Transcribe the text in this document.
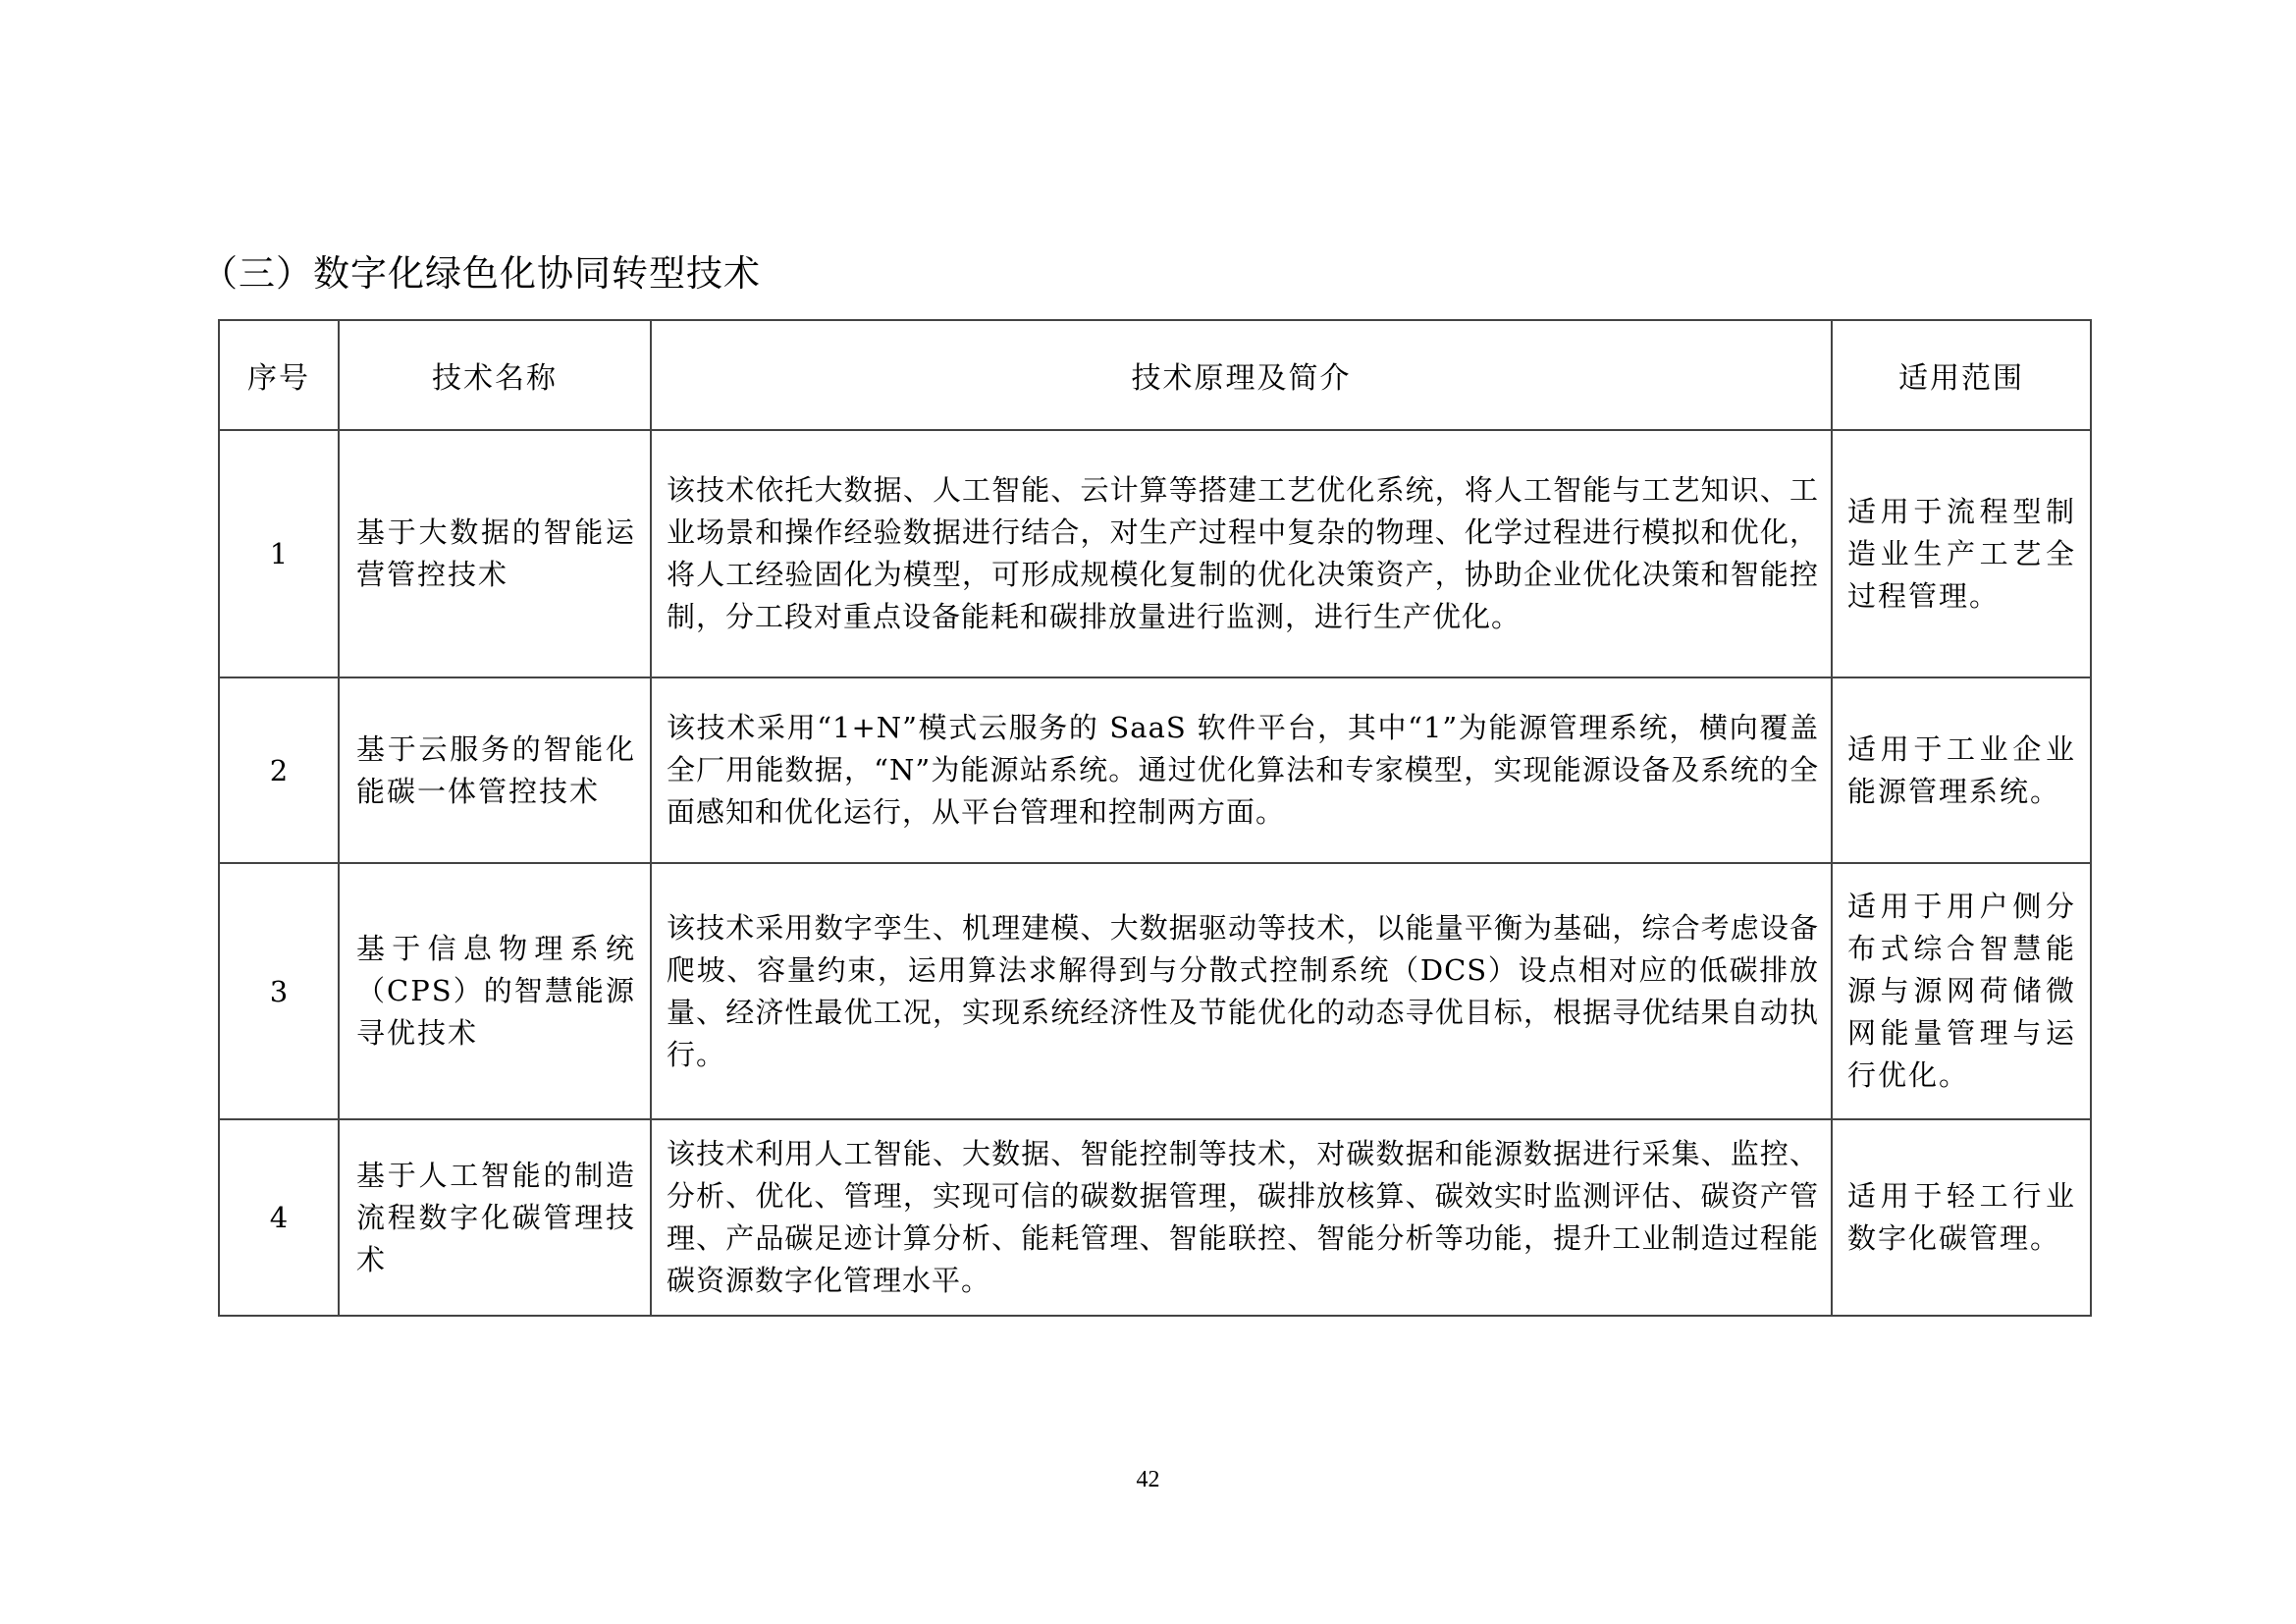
（三）数字化绿色化协同转型技术
序号	技术名称	技术原理及简介	适用范围
1	基于大数据的智能运营管控技术	该技术依托大数据、人工智能、云计算等搭建工艺优化系统，将人工智能与工艺知识、工业场景和操作经验数据进行结合，对生产过程中复杂的物理、化学过程进行模拟和优化，将人工经验固化为模型，可形成规模化复制的优化决策资产，协助企业优化决策和智能控制，分工段对重点设备能耗和碳排放量进行监测，进行生产优化。	适用于流程型制造业生产工艺全过程管理。
2	基于云服务的智能化能碳一体管控技术	该技术采用“1+N”模式云服务的 SaaS 软件平台，其中“1”为能源管理系统，横向覆盖全厂用能数据，“N”为能源站系统。通过优化算法和专家模型，实现能源设备及系统的全面感知和优化运行，从平台管理和控制两方面。	适用于工业企业能源管理系统。
3	基于信息物理系统（CPS）的智慧能源寻优技术	该技术采用数字孪生、机理建模、大数据驱动等技术，以能量平衡为基础，综合考虑设备爬坡、容量约束，运用算法求解得到与分散式控制系统（DCS）设点相对应的低碳排放量、经济性最优工况，实现系统经济性及节能优化的动态寻优目标，根据寻优结果自动执行。	适用于用户侧分布式综合智慧能源与源网荷储微网能量管理与运行优化。
4	基于人工智能的制造流程数字化碳管理技术	该技术利用人工智能、大数据、智能控制等技术，对碳数据和能源数据进行采集、监控、分析、优化、管理，实现可信的碳数据管理，碳排放核算、碳效实时监测评估、碳资产管理、产品碳足迹计算分析、能耗管理、智能联控、智能分析等功能，提升工业制造过程能碳资源数字化管理水平。	适用于轻工行业数字化碳管理。
42
